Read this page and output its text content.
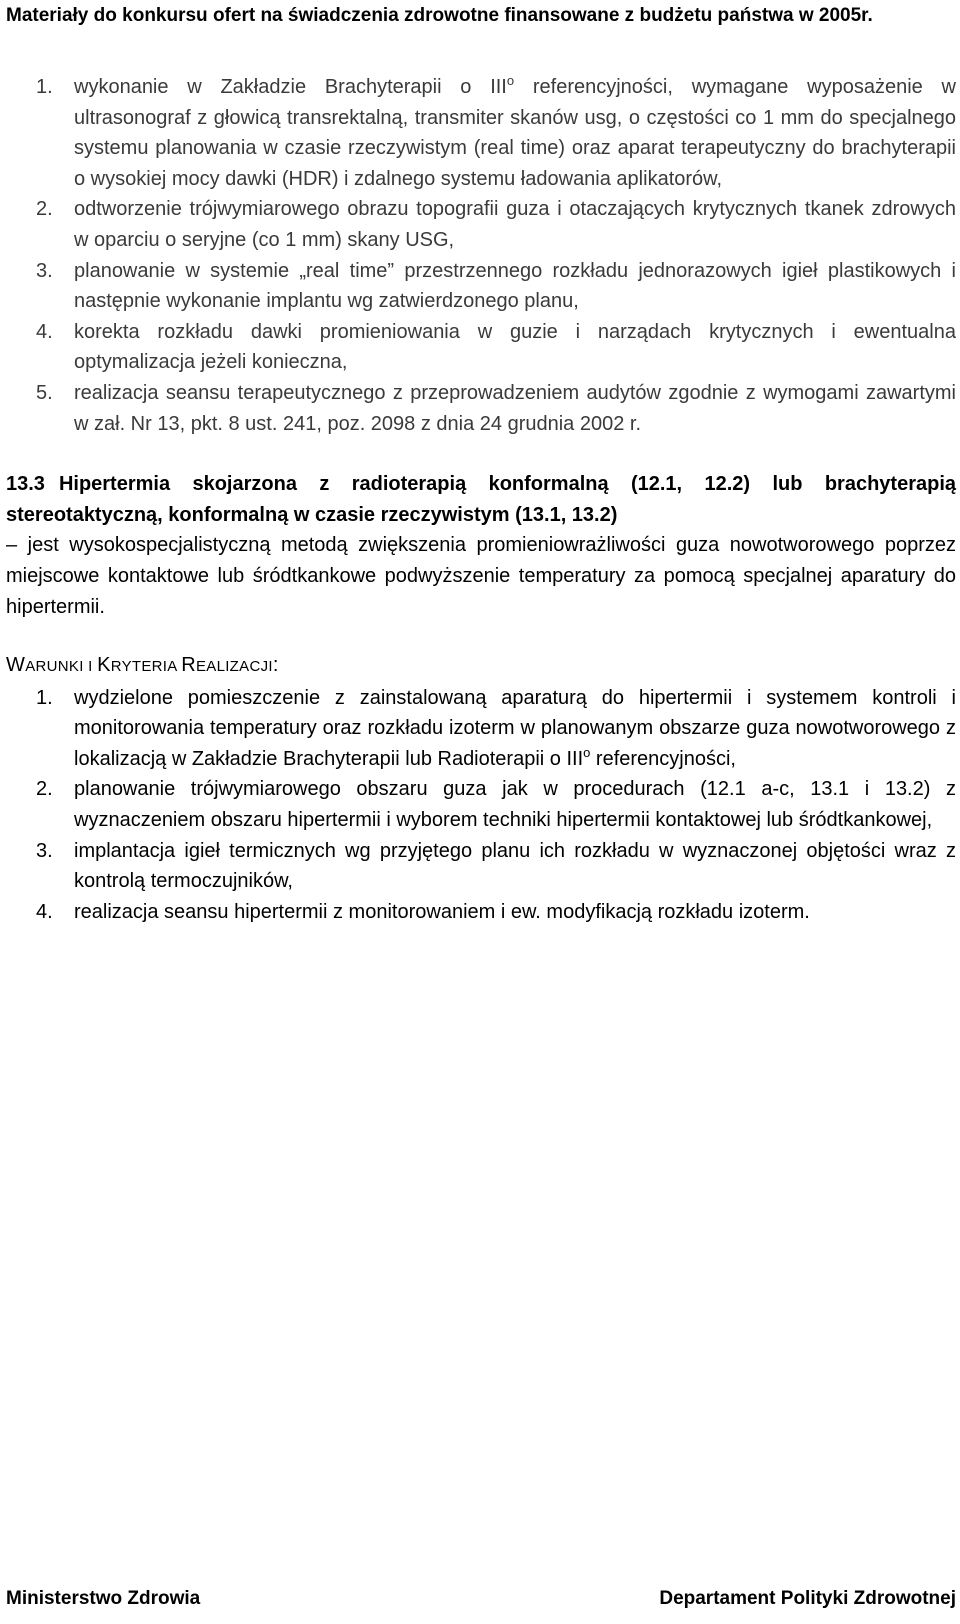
Materiały do konkursu ofert na świadczenia zdrowotne finansowane z budżetu państwa w 2005r.
1. wykonanie w Zakładzie Brachyterapii o III$^o$ referencyjności, wymagane wyposażenie w ultrasonograf z głowicą transrektalną, transmiter skanów usg, o częstości co 1 mm do specjalnego systemu planowania w czasie rzeczywistym (real time) oraz aparat terapeutyczny do brachyterapii o wysokiej mocy dawki (HDR) i zdalnego systemu ładowania aplikatorów,
2. odtworzenie trójwymiarowego obrazu topografii guza i otaczających krytycznych tkanek zdrowych w oparciu o seryjne (co 1 mm) skany USG,
3. planowanie w systemie „real time” przestrzennego rozkładu jednorazowych igieł plastikowych i następnie wykonanie implantu wg zatwierdzonego planu,
4. korekta rozkładu dawki promieniowania w guzie i narządach krytycznych i ewentualna optymalizacja jeżeli konieczna,
5. realizacja seansu terapeutycznego z przeprowadzeniem audytów zgodnie z wymogami zawartymi w zał. Nr 13, pkt. 8 ust. 241, poz. 2098 z dnia 24 grudnia 2002 r.
13.3 Hipertermia skojarzona z radioterapią konformalną (12.1, 12.2) lub brachyterapią stereotaktyczną, konformalną w czasie rzeczywistym (13.1, 13.2)
– jest wysokospecjalistyczną metodą zwiększenia promieniowrażliwości guza nowotworowego poprzez miejscowe kontaktowe lub śródtkankowe podwyższenie temperatury za pomocą specjalnej aparatury do hipertermii.
WARUNKI I KRYTERIA REALIZACJI:
1. wydzielone pomieszczenie z zainstalowaną aparaturą do hipertermii i systemem kontroli i monitorowania temperatury oraz rozkładu izoterm w planowanym obszarze guza nowotworowego z lokalizacją w Zakładzie Brachyterapii lub Radioterapii o III$^o$ referencyjności,
2. planowanie trójwymiarowego obszaru guza jak w procedurach (12.1 a-c, 13.1 i 13.2) z wyznaczeniem obszaru hipertermii i wyborem techniki hipertermii kontaktowej lub śródtkankowej,
3. implantacja igieł termicznych wg przyjętego planu ich rozkładu w wyznaczonej objętości wraz z kontrolą termoczujników,
4. realizacja seansu hipertermii z monitorowaniem i ew. modyfikacją rozkładu izoterm.
Ministerstwo Zdrowia	Departament Polityki Zdrowotnej
